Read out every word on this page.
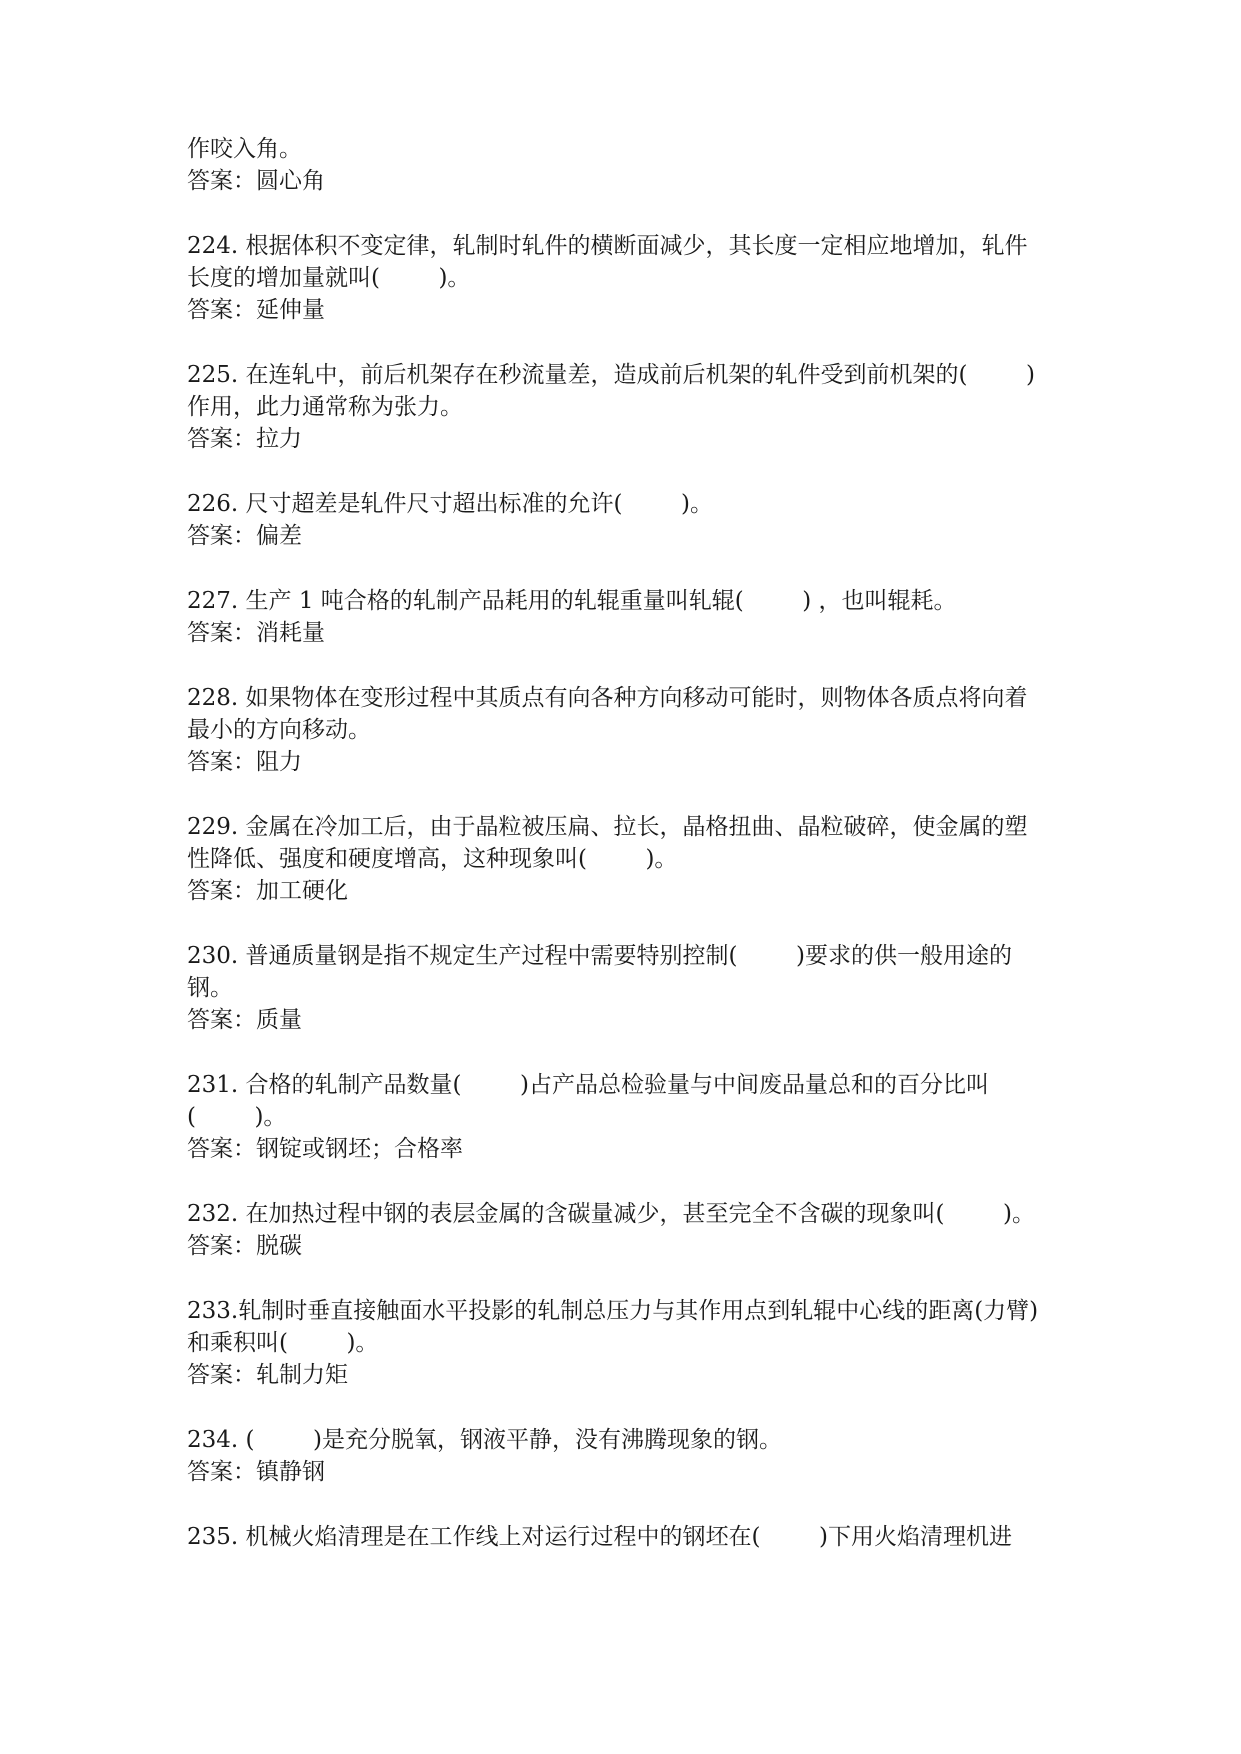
作咬入角。
答案：圆心角
224. 根据体积不变定律，轧制时轧件的横断面减少，其长度一定相应地增加，轧件
长度的增加量就叫(        )。
答案：延伸量
225. 在连轧中，前后机架存在秒流量差，造成前后机架的轧件受到前机架的(        )
作用，此力通常称为张力。
答案：拉力
226. 尺寸超差是轧件尺寸超出标准的允许(        )。
答案：偏差
227. 生产 1 吨合格的轧制产品耗用的轧辊重量叫轧辊(        ) ，也叫辊耗。
答案：消耗量
228. 如果物体在变形过程中其质点有向各种方向移动可能时，则物体各质点将向着
最小的方向移动。
答案：阻力
229. 金属在冷加工后，由于晶粒被压扁、拉长，晶格扭曲、晶粒破碎，使金属的塑
性降低、强度和硬度增高，这种现象叫(        )。
答案：加工硬化
230. 普通质量钢是指不规定生产过程中需要特别控制(        )要求的供一般用途的
钢。
答案：质量
231. 合格的轧制产品数量(        )占产品总检验量与中间废品量总和的百分比叫
(        )。
答案：钢锭或钢坯；合格率
232. 在加热过程中钢的表层金属的含碳量减少，甚至完全不含碳的现象叫(        )。
答案：脱碳
233.轧制时垂直接触面水平投影的轧制总压力与其作用点到轧辊中心线的距离(力臂)
和乘积叫(        )。
答案：轧制力矩
234. (        )是充分脱氧，钢液平静，没有沸腾现象的钢。
答案：镇静钢
235. 机械火焰清理是在工作线上对运行过程中的钢坯在(        )下用火焰清理机进
